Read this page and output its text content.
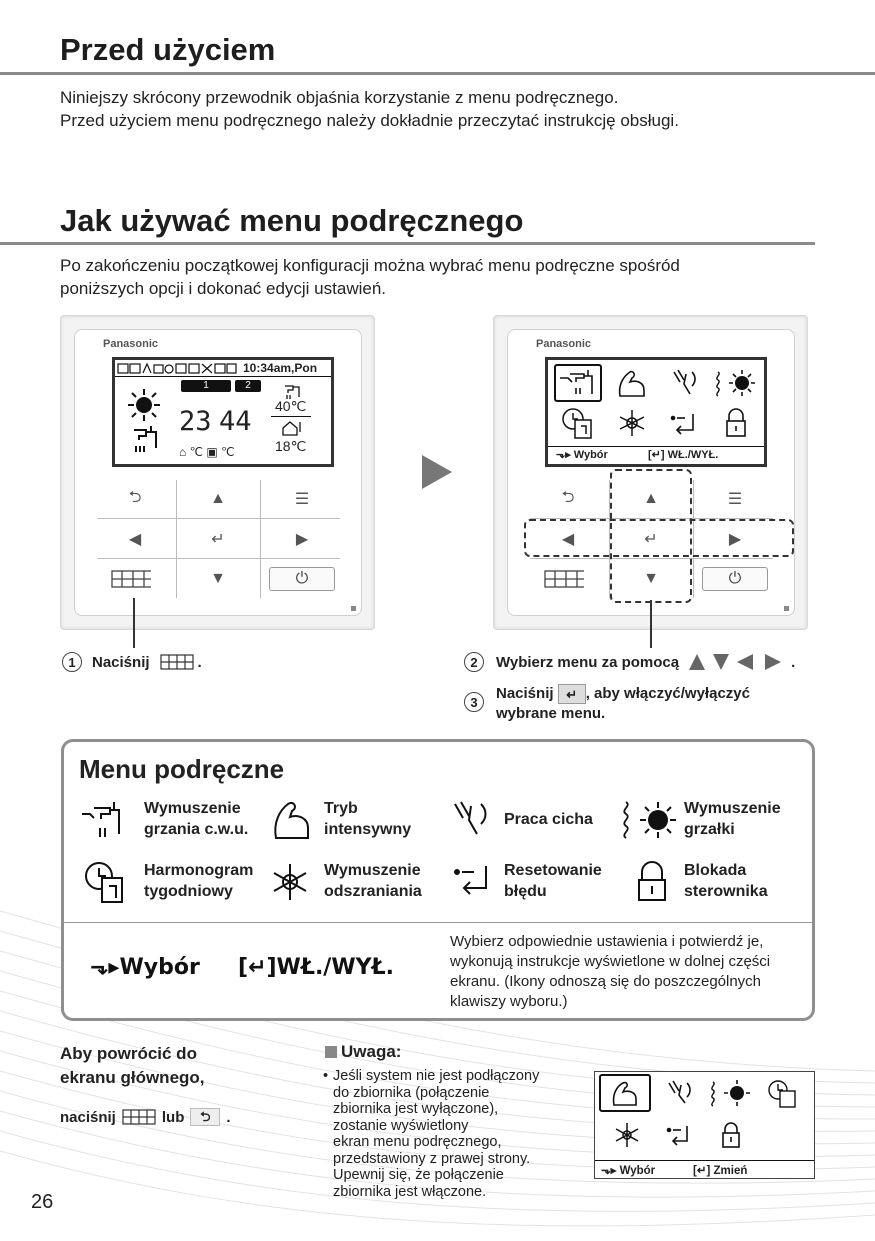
Przed użyciem
Niniejszy skrócony przewodnik objaśnia korzystanie z menu podręcznego.
Przed użyciem menu podręcznego należy dokładnie przeczytać instrukcję obsługi.
Jak używać menu podręcznego
Po zakończeniu początkowej konfiguracji można wybrać menu podręczne spośród
poniższych opcji i dokonać edycji ustawień.
Panasonic
10:34am,Pon
1	2
23 44
⌂ ℃ ▣ ℃
40℃
18℃
⮌	▲	☰
◀	↵	▶
▼	⏻
Panasonic
⬎▸ Wybór	[↵] WŁ./WYŁ.
⮌	▲	☰
◀	↵	▶
▼	⏻
1	Naciśnij	.	2	Wybierz menu za pomocą	.
3	Naciśnij ↵ , aby włączyć/wyłączyć
wybrane menu.
Menu podręczne
Wymuszenie
grzania c.w.u.
Tryb
intensywny
Praca cicha
Wymuszenie
grzałki
Harmonogram
tygodniowy
Wymuszenie
odszraniania
Resetowanie
błędu
Blokada
sterownika
⬎▸Wybór [↵]WŁ./WYŁ.
Wybierz odpowiednie ustawienia i potwierdź je, wykonują instrukcje wyświetlone w dolnej części ekranu. (Ikony odnoszą się do poszczególnych klawiszy wyboru.)
Aby powrócić do
ekranu głównego,
naciśnij	lub	⮌	.
Uwaga:
• Jeśli system nie jest podłączony
do zbiornika (połączenie
zbiornika jest wyłączone),
zostanie wyświetlony
ekran menu podręcznego,
przedstawiony z prawej strony.
Upewnij się, że połączenie
zbiornika jest włączone.
⬎▸ Wybór	[↵] Zmień
26
